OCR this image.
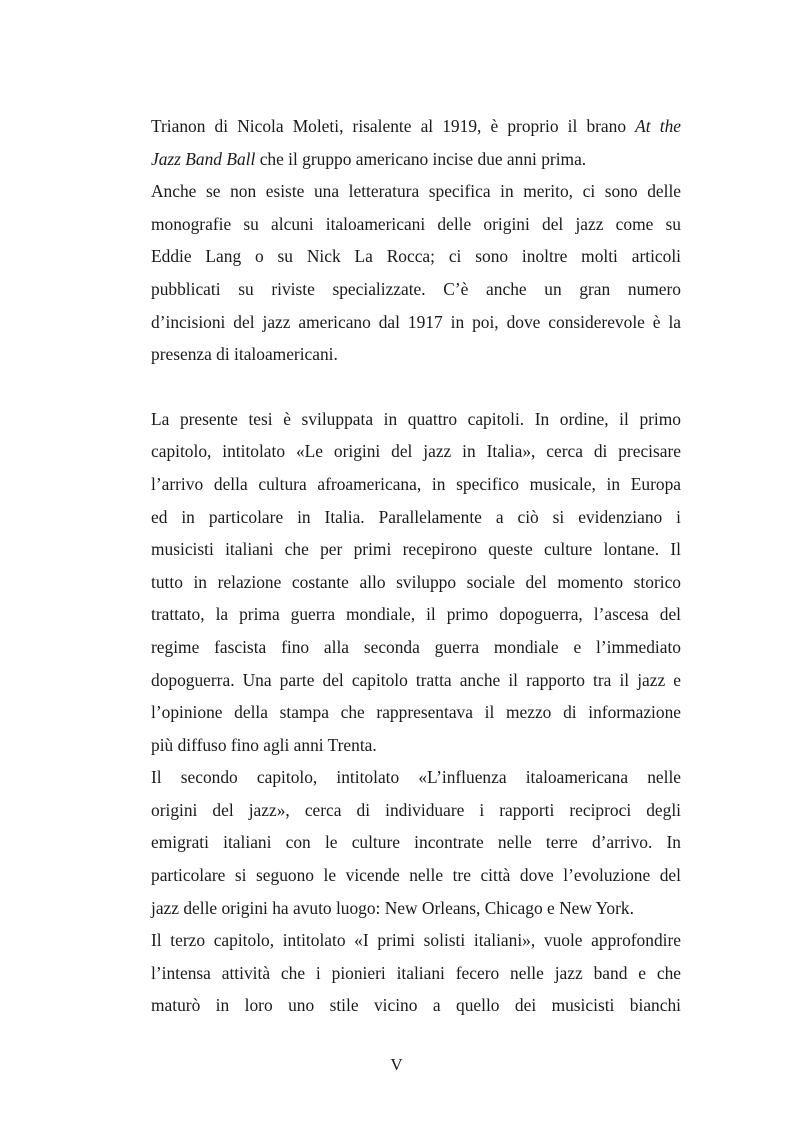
Trianon di Nicola Moleti, risalente al 1919, è proprio il brano At the
Jazz Band Ball che il gruppo americano incise due anni prima.
Anche se non esiste una letteratura specifica in merito, ci sono delle
monografie su alcuni italoamericani delle origini del jazz come su
Eddie Lang o su Nick La Rocca; ci sono inoltre molti articoli
pubblicati su riviste specializzate. C’è anche un gran numero
d’incisioni del jazz americano dal 1917 in poi, dove considerevole è la
presenza di italoamericani.
La presente tesi è sviluppata in quattro capitoli. In ordine, il primo
capitolo, intitolato «Le origini del jazz in Italia», cerca di precisare
l’arrivo della cultura afroamericana, in specifico musicale, in Europa
ed in particolare in Italia. Parallelamente a ciò si evidenziano i
musicisti italiani che per primi recepirono queste culture lontane. Il
tutto in relazione costante allo sviluppo sociale del momento storico
trattato, la prima guerra mondiale, il primo dopoguerra, l’ascesa del
regime fascista fino alla seconda guerra mondiale e l’immediato
dopoguerra. Una parte del capitolo tratta anche il rapporto tra il jazz e
l’opinione della stampa che rappresentava il mezzo di informazione
più diffuso fino agli anni Trenta.
Il secondo capitolo, intitolato «L’influenza italoamericana nelle
origini del jazz», cerca di individuare i rapporti reciproci degli
emigrati italiani con le culture incontrate nelle terre d’arrivo. In
particolare si seguono le vicende nelle tre città dove l’evoluzione del
jazz delle origini ha avuto luogo: New Orleans, Chicago e New York.
Il terzo capitolo, intitolato «I primi solisti italiani», vuole approfondire
l’intensa attività che i pionieri italiani fecero nelle jazz band e che
maturò in loro uno stile vicino a quello dei musicisti bianchi
V
